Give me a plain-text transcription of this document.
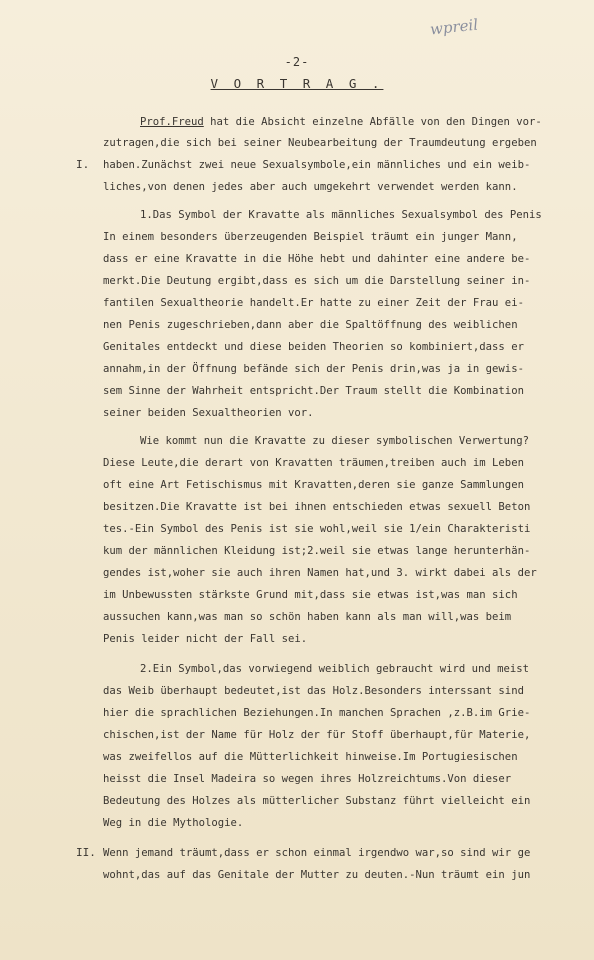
wpreil
-2-
V O R T R A G .
Prof.Freud hat die Absicht einzelne Abfälle von den Dingen vor-
zutragen,die sich bei seiner Neubearbeitung der Traumdeutung ergeben
I. haben.Zunächst zwei neue Sexualsymbole,ein männliches und ein weib-
liches,von denen jedes aber auch umgekehrt verwendet werden kann.
1.Das Symbol der Kravatte als männliches Sexualsymbol des Penis
In einem besonders überzeugenden Beispiel träumt ein junger Mann,
dass er eine Kravatte in die Höhe hebt und dahinter eine andere be-
merkt.Die Deutung ergibt,dass es sich um die Darstellung seiner in-
fantilen Sexualtheorie handelt.Er hatte zu einer Zeit der Frau ei-
nen Penis zugeschrieben,dann aber die Spaltöffnung des weiblichen
Genitales entdeckt und diese beiden Theorien so kombiniert,dass er
annahm,in der Öffnung befände sich der Penis drin,was ja in gewis-
sem Sinne der Wahrheit entspricht.Der Traum stellt die Kombination
seiner beiden Sexualtheorien vor.
Wie kommt nun die Kravatte zu dieser symbolischen Verwertung?
Diese Leute,die derart von Kravatten träumen,treiben auch im Leben
oft eine Art Fetischismus mit Kravatten,deren sie ganze Sammlungen
besitzen.Die Kravatte ist bei ihnen entschieden etwas sexuell Beton
tes.-Ein Symbol des Penis ist sie wohl,weil sie 1/ein Charakteristi
kum der männlichen Kleidung ist;2.weil sie etwas lange herunterhän-
gendes ist,woher sie auch ihren Namen hat,und 3. wirkt dabei als der
im Unbewussten stärkste Grund mit,dass sie etwas ist,was man sich
aussuchen kann,was man so schön haben kann als man will,was beim
Penis leider nicht der Fall sei.
2.Ein Symbol,das vorwiegend weiblich gebraucht wird und meist
das Weib überhaupt bedeutet,ist das Holz.Besonders interssant sind
hier die sprachlichen Beziehungen.In manchen Sprachen ,z.B.im Grie-
chischen,ist der Name für Holz der für Stoff überhaupt,für Materie,
was zweifellos auf die Mütterlichkeit hinweise.Im Portugiesischen
heisst die Insel Madeira so wegen ihres Holzreichtums.Von dieser
Bedeutung des Holzes als mütterlicher Substanz führt vielleicht ein
Weg in die Mythologie.
II. Wenn jemand träumt,dass er schon einmal irgendwo war,so sind wir ge
wohnt,das auf das Genitale der Mutter zu deuten.-Nun träumt ein jun
